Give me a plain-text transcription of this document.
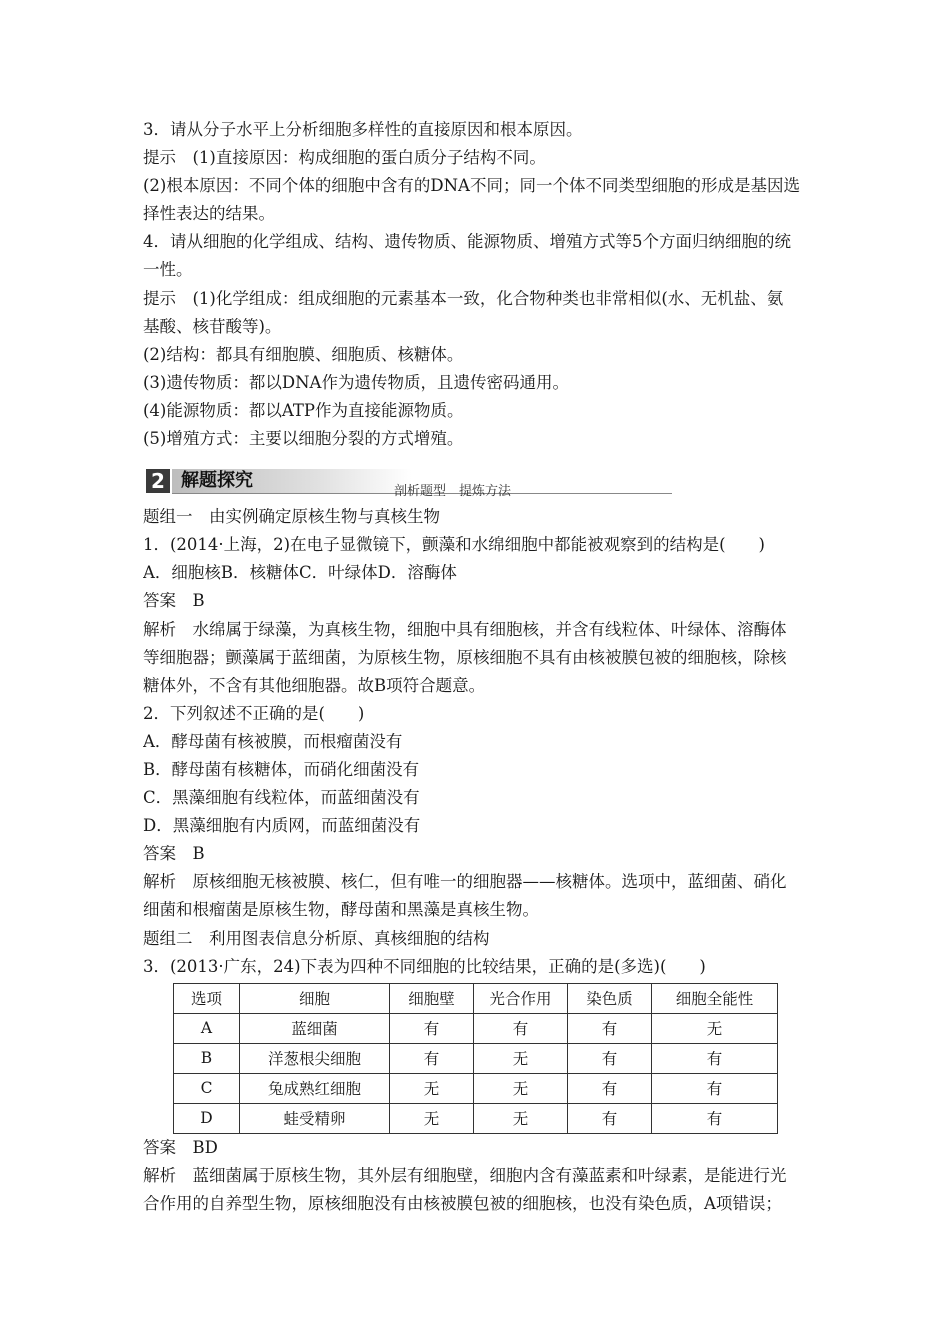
3．请从分子水平上分析细胞多样性的直接原因和根本原因。
提示　(1)直接原因：构成细胞的蛋白质分子结构不同。
(2)根本原因：不同个体的细胞中含有的DNA不同；同一个体不同类型细胞的形成是基因选
择性表达的结果。
4．请从细胞的化学组成、结构、遗传物质、能源物质、增殖方式等5个方面归纳细胞的统
一性。
提示　(1)化学组成：组成细胞的元素基本一致，化合物种类也非常相似(水、无机盐、氨
基酸、核苷酸等)。
(2)结构：都具有细胞膜、细胞质、核糖体。
(3)遗传物质：都以DNA作为遗传物质，且遗传密码通用。
(4)能源物质：都以ATP作为直接能源物质。
(5)增殖方式：主要以细胞分裂的方式增殖。
2 解题探究
剖析题型　提炼方法
题组一　由实例确定原核生物与真核生物
1．(2014·上海，2)在电子显微镜下，颤藻和水绵细胞中都能被观察到的结构是(　　)
A．细胞核B．核糖体C．叶绿体D．溶酶体
答案　B
解析　水绵属于绿藻，为真核生物，细胞中具有细胞核，并含有线粒体、叶绿体、溶酶体
等细胞器；颤藻属于蓝细菌，为原核生物，原核细胞不具有由核被膜包被的细胞核，除核
糖体外，不含有其他细胞器。故B项符合题意。
2．下列叙述不正确的是(　　)
A．酵母菌有核被膜，而根瘤菌没有
B．酵母菌有核糖体，而硝化细菌没有
C．黑藻细胞有线粒体，而蓝细菌没有
D．黑藻细胞有内质网，而蓝细菌没有
答案　B
解析　原核细胞无核被膜、核仁，但有唯一的细胞器——核糖体。选项中，蓝细菌、硝化
细菌和根瘤菌是原核生物，酵母菌和黑藻是真核生物。
题组二　利用图表信息分析原、真核细胞的结构
3．(2013·广东，24)下表为四种不同细胞的比较结果，正确的是(多选)(　　)
选项	细胞	细胞壁	光合作用	染色质	细胞全能性
A	蓝细菌	有	有	有	无
B	洋葱根尖细胞	有	无	有	有
C	兔成熟红细胞	无	无	有	有
D	蛙受精卵	无	无	有	有
答案　BD
解析　蓝细菌属于原核生物，其外层有细胞壁，细胞内含有藻蓝素和叶绿素，是能进行光
合作用的自养型生物，原核细胞没有由核被膜包被的细胞核，也没有染色质，A项错误；
